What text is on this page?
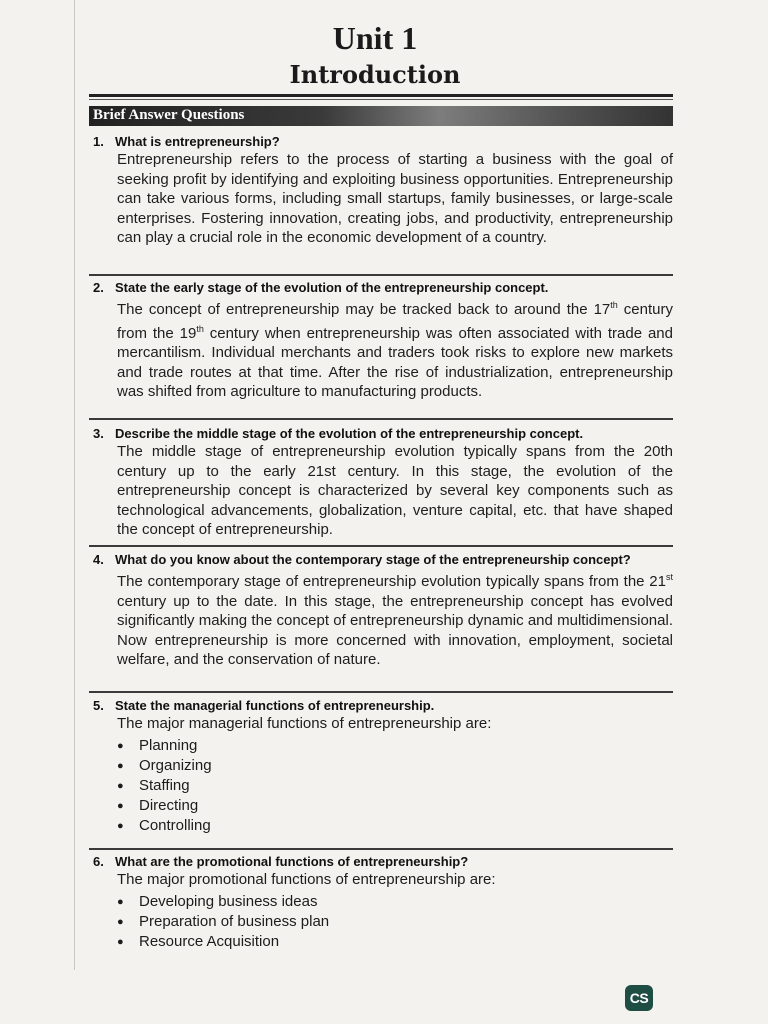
Unit 1
Introduction
Brief Answer Questions
1. What is entrepreneurship?
Entrepreneurship refers to the process of starting a business with the goal of seeking profit by identifying and exploiting business opportunities. Entrepreneurship can take various forms, including small startups, family businesses, or large-scale enterprises. Fostering innovation, creating jobs, and productivity, entrepreneurship can play a crucial role in the economic development of a country.
2. State the early stage of the evolution of the entrepreneurship concept.
The concept of entrepreneurship may be tracked back to around the 17th century from the 19th century when entrepreneurship was often associated with trade and mercantilism. Individual merchants and traders took risks to explore new markets and trade routes at that time. After the rise of industrialization, entrepreneurship was shifted from agriculture to manufacturing products.
3. Describe the middle stage of the evolution of the entrepreneurship concept.
The middle stage of entrepreneurship evolution typically spans from the 20th century up to the early 21st century. In this stage, the evolution of the entrepreneurship concept is characterized by several key components such as technological advancements, globalization, venture capital, etc. that have shaped the concept of entrepreneurship.
4. What do you know about the contemporary stage of the entrepreneurship concept?
The contemporary stage of entrepreneurship evolution typically spans from the 21st century up to the date. In this stage, the entrepreneurship concept has evolved significantly making the concept of entrepreneurship dynamic and multidimensional. Now entrepreneurship is more concerned with innovation, employment, societal welfare, and the conservation of nature.
5. State the managerial functions of entrepreneurship.
The major managerial functions of entrepreneurship are:
●	Planning
●	Organizing
●	Staffing
●	Directing
●	Controlling
6. What are the promotional functions of entrepreneurship?
The major promotional functions of entrepreneurship are:
●	Developing business ideas
●	Preparation of business plan
●	Resource Acquisition
CS
